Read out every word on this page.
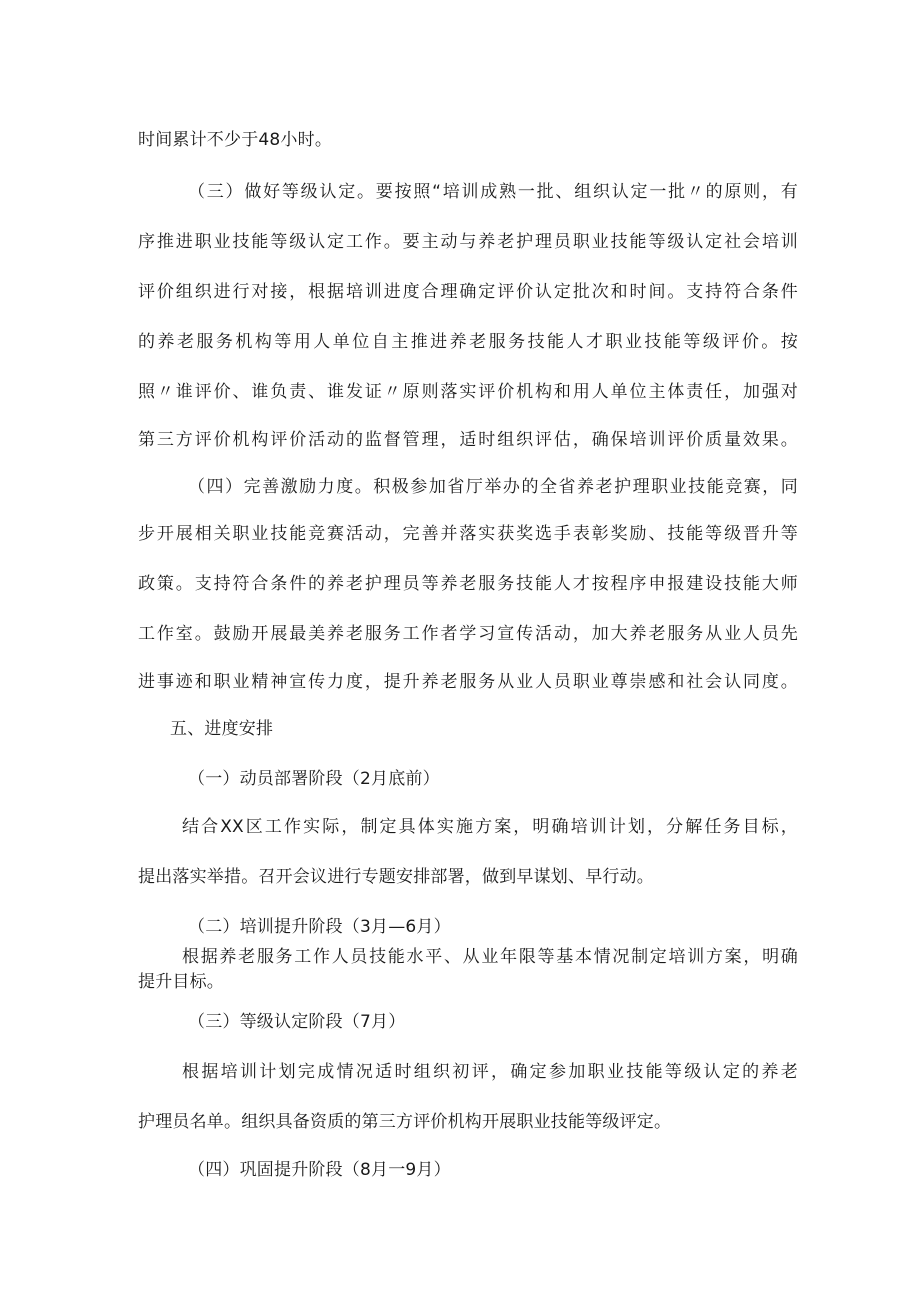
时间累计不少于48小时。
（三）做好等级认定。要按照“培训成熟一批、组织认定一批〃的原则，有
序推进职业技能等级认定工作。要主动与养老护理员职业技能等级认定社会培训
评价组织进行对接，根据培训进度合理确定评价认定批次和时间。支持符合条件
的养老服务机构等用人单位自主推进养老服务技能人才职业技能等级评价。按
照〃谁评价、谁负责、谁发证〃原则落实评价机构和用人单位主体责任，加强对
第三方评价机构评价活动的监督管理，适时组织评估，确保培训评价质量效果。
（四）完善激励力度。积极参加省厅举办的全省养老护理职业技能竞赛，同
步开展相关职业技能竞赛活动，完善并落实获奖选手表彰奖励、技能等级晋升等
政策。支持符合条件的养老护理员等养老服务技能人才按程序申报建设技能大师
工作室。鼓励开展最美养老服务工作者学习宣传活动，加大养老服务从业人员先
进事迹和职业精神宣传力度，提升养老服务从业人员职业尊崇感和社会认同度。
五、进度安排
（一）动员部署阶段（2月底前）
结合XX区工作实际，制定具体实施方案，明确培训计划，分解任务目标，
提出落实举措。召开会议进行专题安排部署，做到早谋划、早行动。
（二）培训提升阶段（3月—6月）
根据养老服务工作人员技能水平、从业年限等基本情况制定培训方案，明确
提升目标。
（三）等级认定阶段（7月）
根据培训计划完成情况适时组织初评，确定参加职业技能等级认定的养老
护理员名单。组织具备资质的第三方评价机构开展职业技能等级评定。
（四）巩固提升阶段（8月一9月）
